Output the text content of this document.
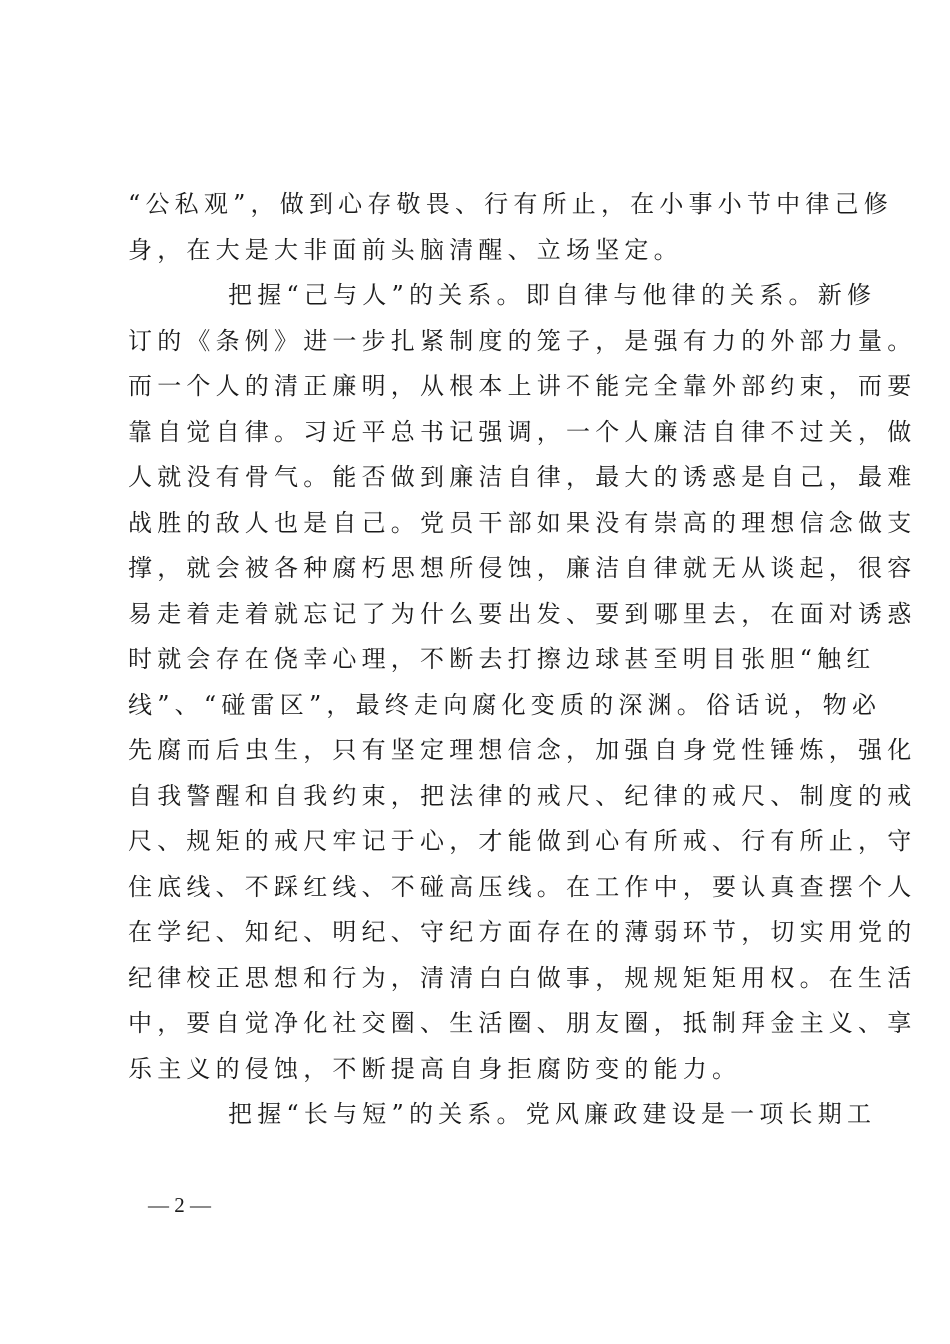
“公私观”，做到心存敬畏、行有所止，在小事小节中律己修
身，在大是大非面前头脑清醒、立场坚定。
把握“己与人”的关系。即自律与他律的关系。新修
订的《条例》进一步扎紧制度的笼子，是强有力的外部力量。
而一个人的清正廉明，从根本上讲不能完全靠外部约束，而要
靠自觉自律。习近平总书记强调，一个人廉洁自律不过关，做
人就没有骨气。能否做到廉洁自律，最大的诱惑是自己，最难
战胜的敌人也是自己。党员干部如果没有崇高的理想信念做支
撑，就会被各种腐朽思想所侵蚀，廉洁自律就无从谈起，很容
易走着走着就忘记了为什么要出发、要到哪里去，在面对诱惑
时就会存在侥幸心理，不断去打擦边球甚至明目张胆“触红
线”、“碰雷区”，最终走向腐化变质的深渊。俗话说，物必
先腐而后虫生，只有坚定理想信念，加强自身党性锤炼，强化
自我警醒和自我约束，把法律的戒尺、纪律的戒尺、制度的戒
尺、规矩的戒尺牢记于心，才能做到心有所戒、行有所止，守
住底线、不踩红线、不碰高压线。在工作中，要认真查摆个人
在学纪、知纪、明纪、守纪方面存在的薄弱环节，切实用党的
纪律校正思想和行为，清清白白做事，规规矩矩用权。在生活
中，要自觉净化社交圈、生活圈、朋友圈，抵制拜金主义、享
乐主义的侵蚀，不断提高自身拒腐防变的能力。
把握“长与短”的关系。党风廉政建设是一项长期工
— 2 —
